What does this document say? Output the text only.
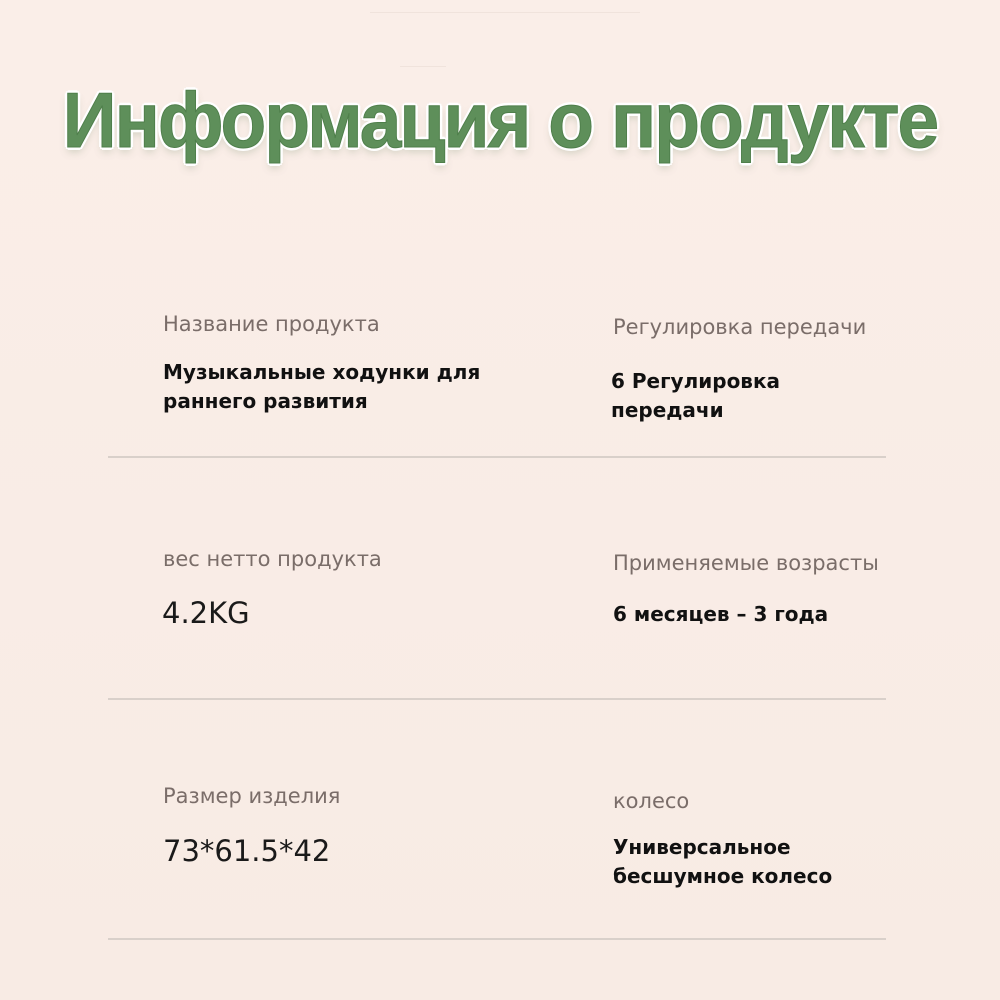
Информация о продукте
Название продукта
Музыкальные ходунки для раннего развития
Регулировка передачи
6 Регулировка передачи
вес нетто продукта
4.2KG
Применяемые возрасты
6 месяцев – 3 года
Размер изделия
73*61.5*42
колесо
Универсальное бесшумное колесо
